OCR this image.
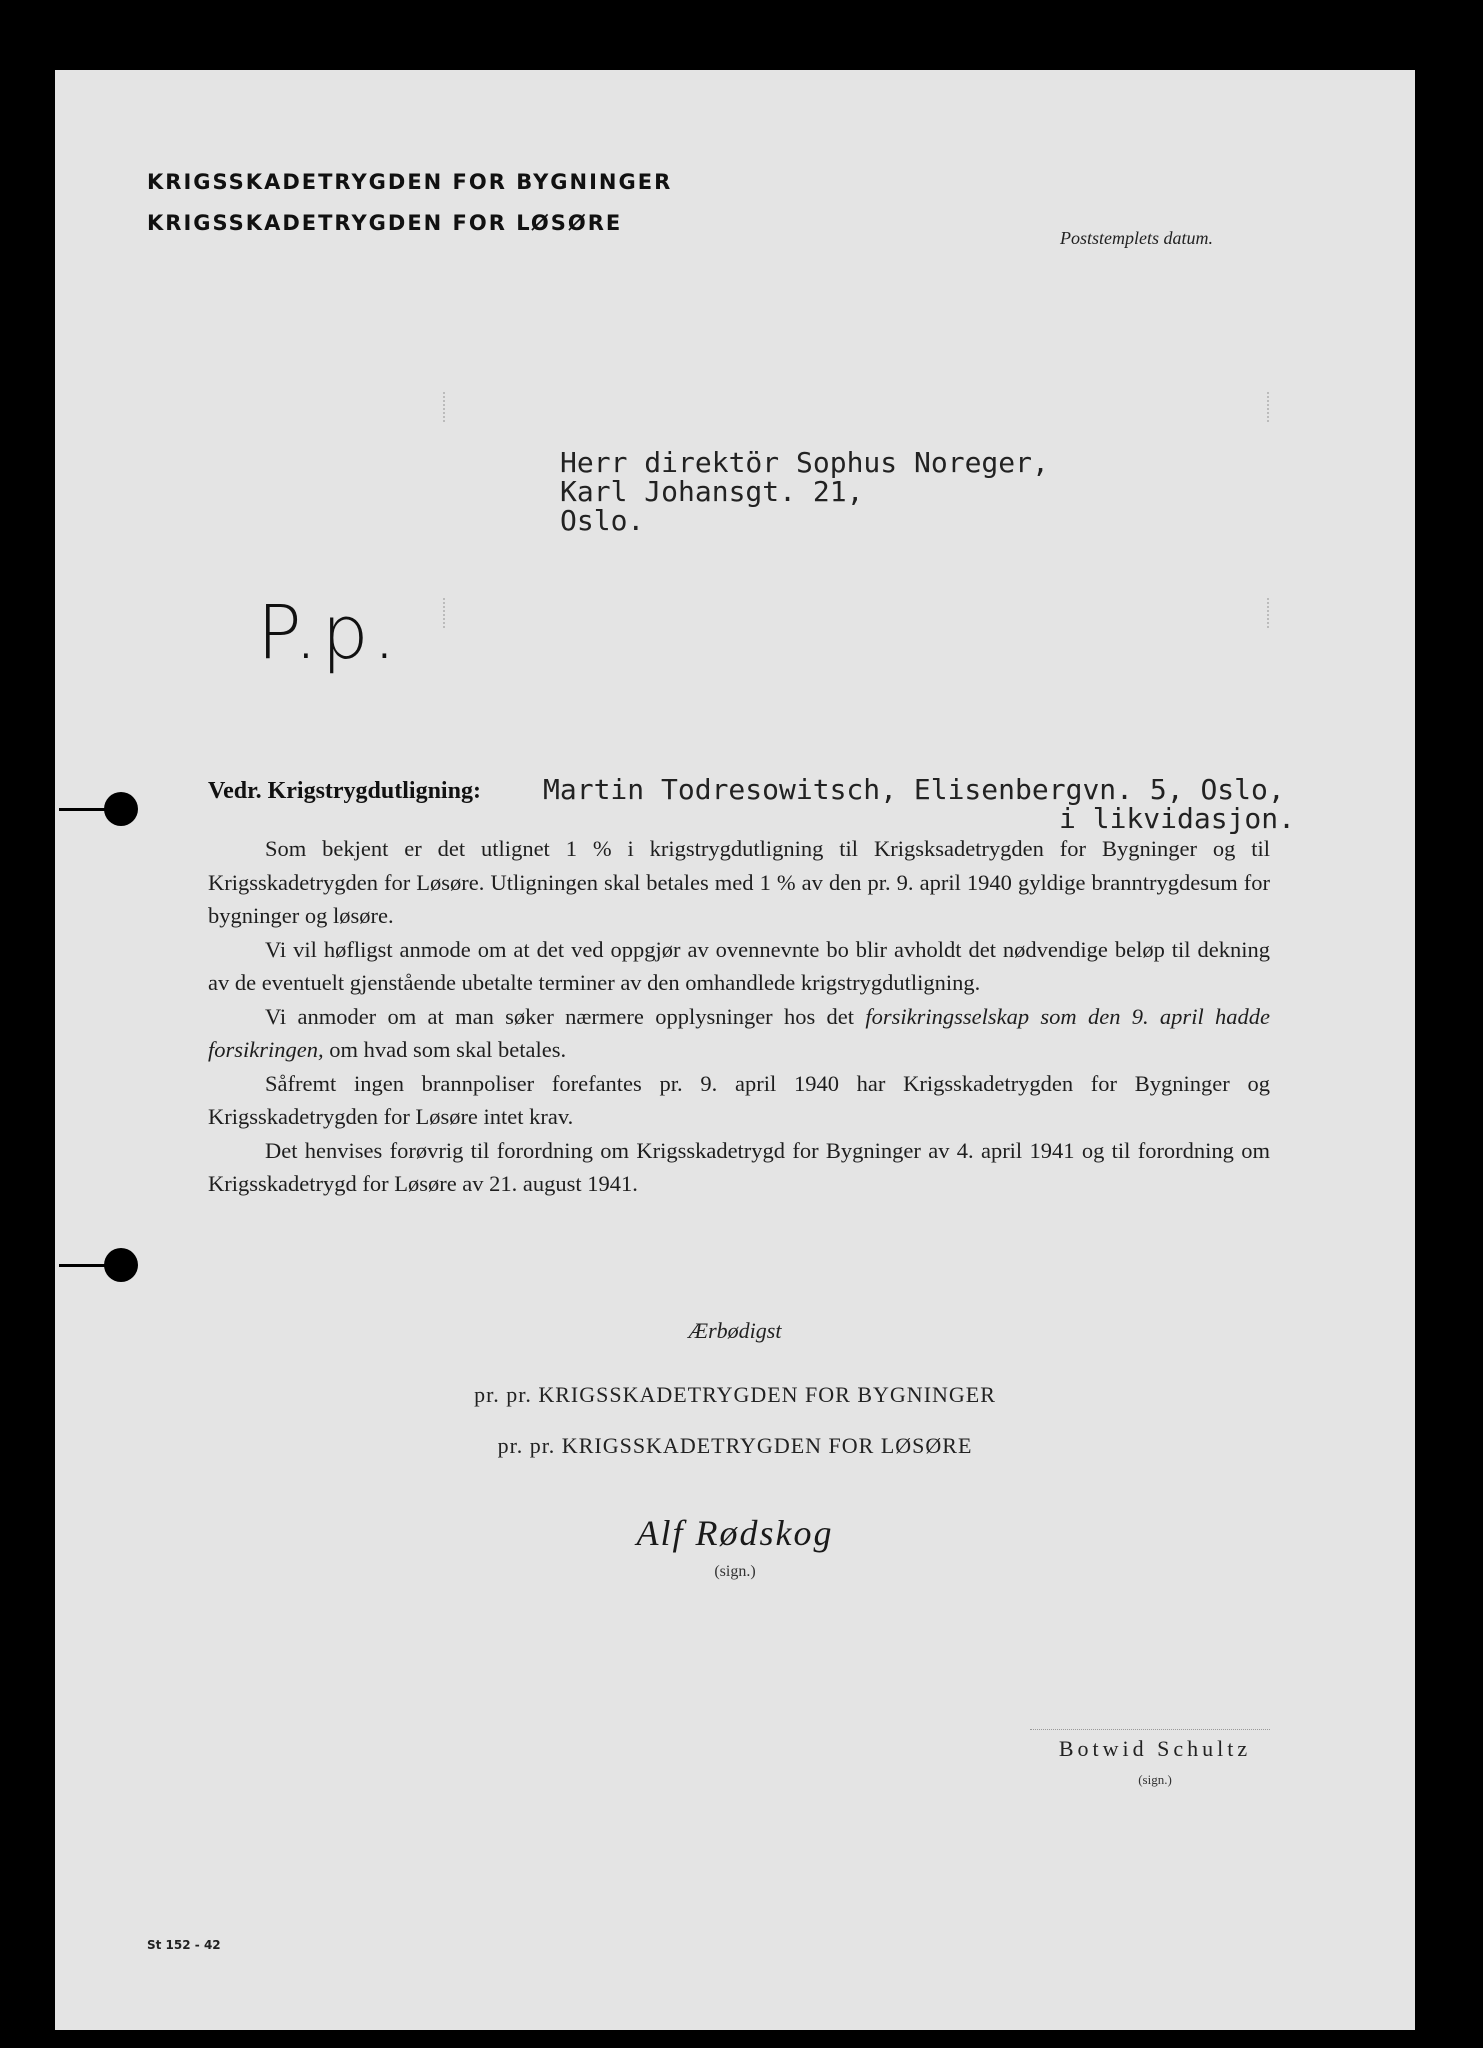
KRIGSSKADETRYGDEN FOR BYGNINGER
KRIGSSKADETRYGDEN FOR LØSØRE
Poststemplets datum.
Herr direktör Sophus Noreger,
Karl Johansgt. 21,
Oslo.
P.p.
Vedr. Krigstrygdutligning: Martin Todresowitsch, Elisenbergvn. 5, Oslo,
i likvidasjon.

Som bekjent er det utlignet 1 % i krigstrygdutligning til Krigsksadetrygden for Bygninger og til Krigsskadetrygden for Løsøre. Utligningen skal betales med 1 % av den pr. 9. april 1940 gyldige branntrygdesum for bygninger og løsøre.

Vi vil høfligst anmode om at det ved oppgjør av ovennevnte bo blir avholdt det nødvendige beløp til dekning av de eventuelt gjenstående ubetalte terminer av den omhandlede krigstrygdutligning.

Vi anmoder om at man søker nærmere opplysninger hos det forsikringsselskap som den 9. april hadde forsikringen, om hvad som skal betales.

Såfremt ingen brannpoliser forefantes pr. 9. april 1940 har Krigsskadetrygden for Bygninger og Krigsskadetrygden for Løsøre intet krav.

Det henvises forøvrig til forordning om Krigsskadetrygd for Bygninger av 4. april 1941 og til forordning om Krigsskadetrygd for Løsøre av 21. august 1941.

Ærbødigst
pr. pr. KRIGSSKADETRYGDEN FOR BYGNINGER
pr. pr. KRIGSSKADETRYGDEN FOR LØSØRE
Alf Rødskog
(sign.)
Botwid Schultz
(sign.)
St 152 - 42
